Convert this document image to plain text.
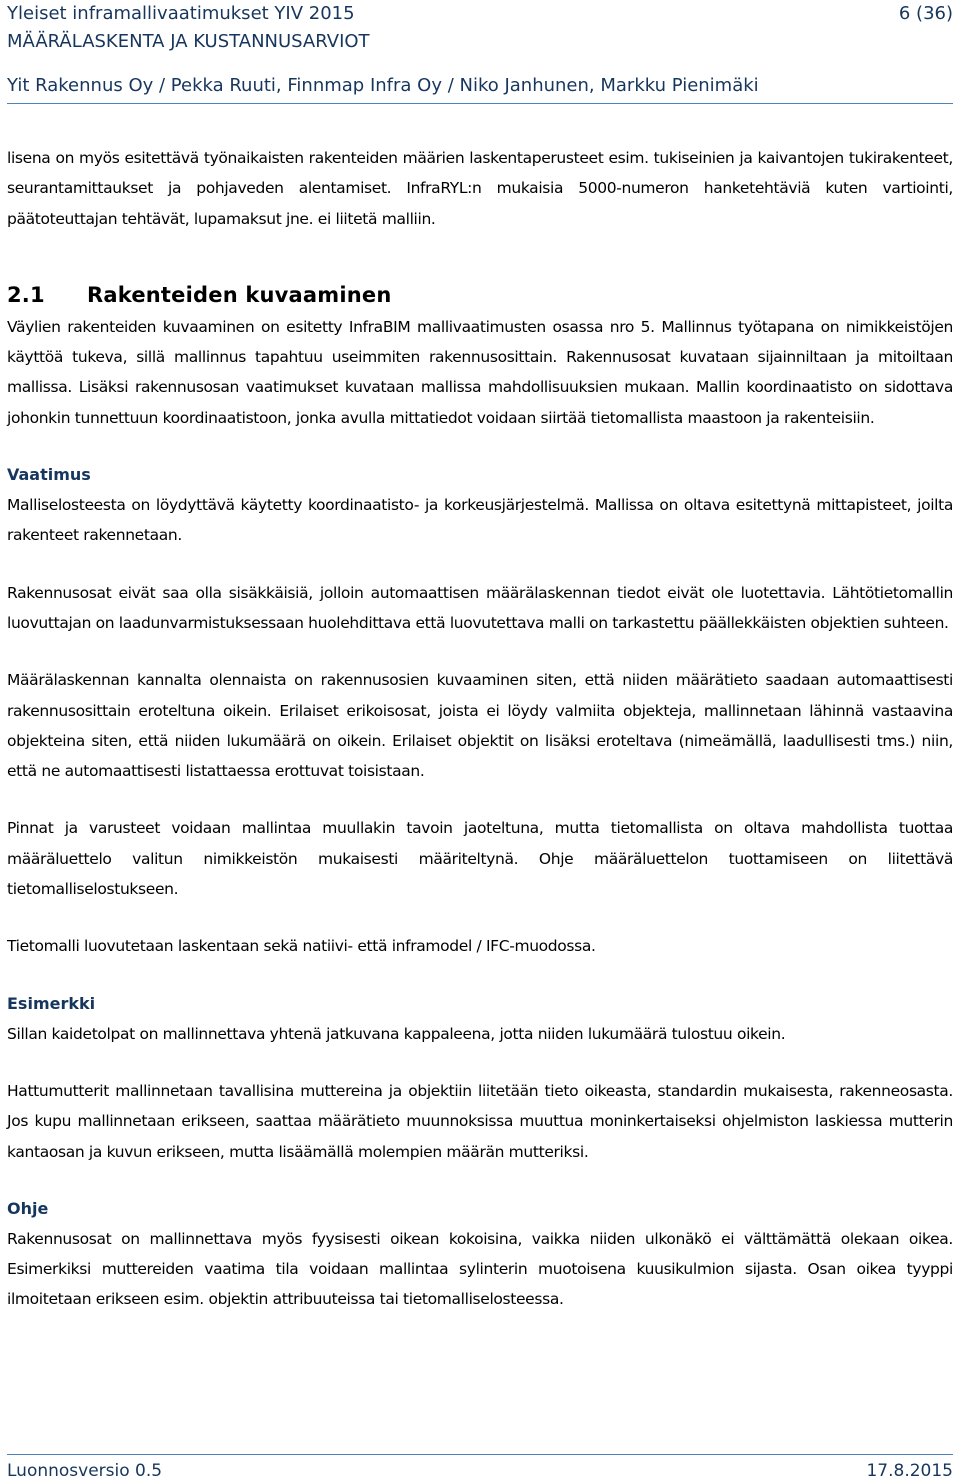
Yleiset inframallivaatimukset YIV 2015
MÄÄRÄLASKENTA JA KUSTANNUSARVIOT
Yit Rakennus Oy / Pekka Ruuti, Finnmap Infra Oy / Niko Janhunen, Markku Pienimäki
6 (36)

lisena on myös esitettävä työnaikaisten rakenteiden määrien laskentaperusteet esim. tukiseinien ja kaivantojen tukirakenteet, seurantamittaukset ja pohjaveden alentamiset. InfraRYL:n mukaisia 5000-numeron hanketehtäviä kuten vartiointi, päätoteuttajan tehtävät, lupamaksut jne. ei liitetä malliin.

2.1 Rakenteiden kuvaaminen

Väylien rakenteiden kuvaaminen on esitetty InfraBIM mallivaatimusten osassa nro 5. Mallinnus työtapana on nimikkeistöjen käyttöä tukeva, sillä mallinnus tapahtuu useimmiten rakennusosittain. Rakennusosat kuvataan sijainniltaan ja mitoiltaan mallissa. Lisäksi rakennusosan vaatimukset kuvataan mallissa mahdollisuuksien mukaan. Mallin koordinaatisto on sidottava johonkin tunnettuun koordinaatistoon, jonka avulla mittatiedot voidaan siirtää tietomallista maastoon ja rakenteisiin.

Vaatimus

Malliselosteesta on löydyttävä käytetty koordinaatisto- ja korkeusjärjestelmä. Mallissa on oltava esitettynä mittapisteet, joilta rakenteet rakennetaan.

Rakennusosat eivät saa olla sisäkkäisiä, jolloin automaattisen määrälaskennan tiedot eivät ole luotettavia. Lähtötietomallin luovuttajan on laadunvarmistuksessaan huolehdittava että luovutettava malli on tarkastettu päällekkäisten objektien suhteen.

Määrälaskennan kannalta olennaista on rakennusosien kuvaaminen siten, että niiden määrätieto saadaan automaattisesti rakennusosittain eroteltuna oikein. Erilaiset erikoisosat, joista ei löydy valmiita objekteja, mallinnetaan lähinnä vastaavina objekteina siten, että niiden lukumäärä on oikein. Erilaiset objektit on lisäksi eroteltava (nimeämällä, laadullisesti tms.) niin, että ne automaattisesti listattaessa erottuvat toisistaan.

Pinnat ja varusteet voidaan mallintaa muullakin tavoin jaoteltuna, mutta tietomallista on oltava mahdollista tuottaa määräluettelo valitun nimikkeistön mukaisesti määriteltynä. Ohje määräluettelon tuottamiseen on liitettävä tietomalliselostukseen.

Tietomalli luovutetaan laskentaan sekä natiivi- että inframodel / IFC-muodossa.

Esimerkki

Sillan kaidetolpat on mallinnettava yhtenä jatkuvana kappaleena, jotta niiden lukumäärä tulostuu oikein.

Hattumutterit mallinnetaan tavallisina muttereina ja objektiin liitetään tieto oikeasta, standardin mukaisesta, rakenneosasta. Jos kupu mallinnetaan erikseen, saattaa määrätieto muunnoksissa muuttua moninkertaiseksi ohjelmiston laskiessa mutterin kantaosan ja kuvun erikseen, mutta lisäämällä molempien määrän mutteriksi.

Ohje

Rakennusosat on mallinnettava myös fyysisesti oikean kokoisina, vaikka niiden ulkonäkö ei välttämättä olekaan oikea. Esimerkiksi muttereiden vaatima tila voidaan mallintaa sylinterin muotoisena kuusikulmion sijasta. Osan oikea tyyppi ilmoitetaan erikseen esim. objektin attribuuteissa tai tietomalliselosteessa.

Luonnosversio 0.5	17.8.2015
